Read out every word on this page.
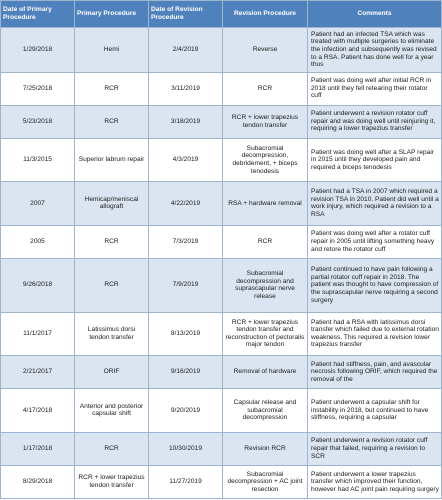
Date of Primary Procedure	Primary Procedure	Date of Revision Procedure	Revision Procedure	Comments

1/29/2018	Hemi	2/4/2019	Reverse	Patient had an infected TSA which was treated with multiple surgeries to eliminate the infection and subsequently was revised to a RSA. Patient has done well for a year thus

7/25/2018	RCR	3/11/2019	RCR	Patient was doing well after initial RCR in 2018 until they fell retearing their rotator cuff

5/23/2018	RCR	3/18/2019	RCR + lower trapezius tendon transfer	Patient underwent a revision rotator cuff repair and was doing well until reinjuring it, requiring a lower trapezius transfer

11/3/2015	Superior labrum repair	4/3/2019	Subacromial decompression, debridement, + biceps tenodesis	Patient was doing well after a SLAP repair in 2015 until they developed pain and required a biceps tenodesis

2007	Hemicap/meniscal allograft	4/22/2019	RSA + hardware removal	Patient had a TSA in 2007 which required a revision TSA in 2010. Patient did well until a work injury, which required a revision to a RSA

2005	RCR	7/3/2019	RCR	Patient was doing well after a rotator cuff repair in 2005 until lifting something heavy and retore the rotator cuff

9/26/2018	RCR	7/9/2019	Subacromial decompression and suprascapular nerve release	Patient continued to have pain following a partial rotator cuff repair in 2018. The patient was thought to have compression of the suprascapular nerve requiring a second surgery

11/1/2017	Latissimus dorsi tendon transfer	8/13/2019	RCR + lower trapezius tendon transfer and reconstruction of pectoralis major tendon	Patient had a RSA with latissimus dorsi transfer which failed due to external rotation weakness. This required a revision lower trapezius transfer

2/21/2017	ORIF	9/16/2019	Removal of hardware	Patient had stiffness, pain, and avascular necrosis following ORIF, which required the removal of the

4/17/2018	Anterior and posterior capsular shift	9/20/2019	Capsular release and subacromial decompression	Patient underwent a capsular shift for instability in 2018, but continued to have stiffness, requiring a capsular

1/17/2018	RCR	10/30/2019	Revision RCR	Patient underwent a revision rotator cuff repair that failed, requiring a revision to SCR

8/29/2018	RCR + lower trapezius tendon transfer	11/27/2019	Subacromial decompression + AC joint resection	Patient underwent a lower trapezius transfer which improved their function, however had AC joint pain requiring surgery
